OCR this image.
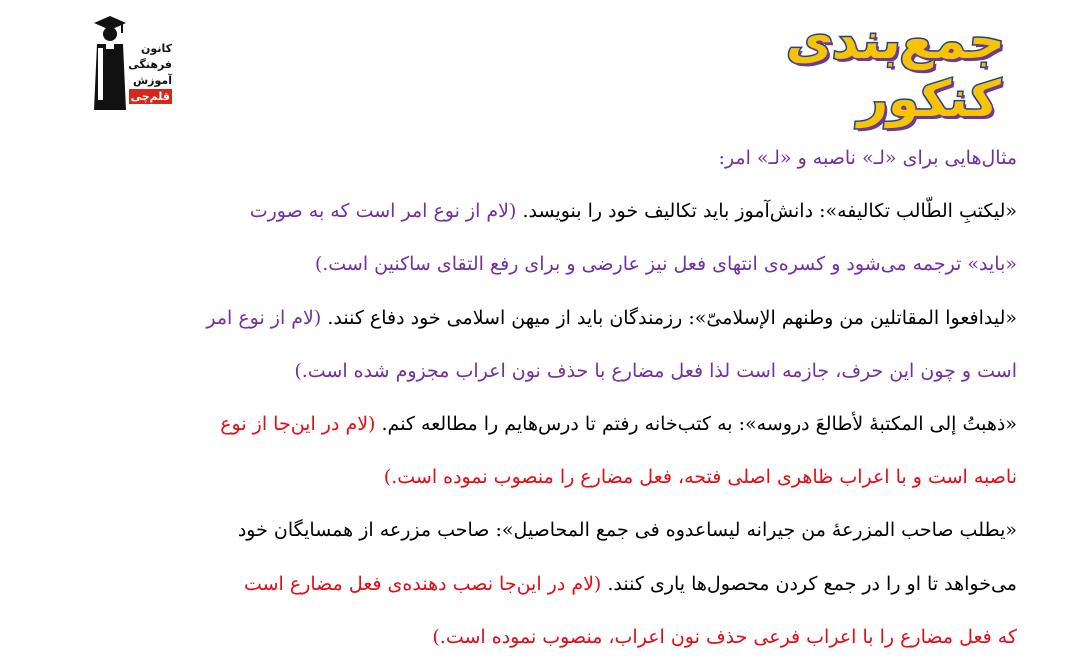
جمع‌بندی کنکور
کانون
فرهنگی
آموزش
قلم‌چی
مثال‌هایی برای «لـ» ناصبه و «لـ» امر:
«لیکتبِ الطّالب تکالیفه»: دانش‌آموز باید تکالیف خود را بنویسد. (لام از نوع امر است که به صورت
«باید» ترجمه می‌شود و کسره‌ی انتهای فعل نیز عارضی و برای رفع التقای ساکنین است.)
«لیدافعوا المقاتلین من وطنهم الإسلامیّ»: رزمندگان باید از میهن اسلامی خود دفاع کنند. (لام از نوع امر
است و چون این حرف، جازمه است لذا فعل مضارع با حذف نون اعراب مجزوم شده است.)
«ذهبتُ إلی المکتبهٔ لأطالعَ دروسه»: به کتب‌خانه رفتم تا درس‌هایم را مطالعه کنم. (لام در این‌جا از نوع
ناصبه است و با اعراب ظاهری اصلی فتحه، فعل مضارع را منصوب نموده است.)
«یطلب صاحب المزرعهٔ من جیرانه لیساعدوه فی جمع المحاصیل»: صاحب مزرعه از همسایگان خود
می‌خواهد تا او را در جمع کردن محصول‌ها یاری کنند. (لام در این‌جا نصب دهنده‌ی فعل مضارع است
که فعل مضارع را با اعراب فرعی حذف نون اعراب، منصوب نموده است.)
